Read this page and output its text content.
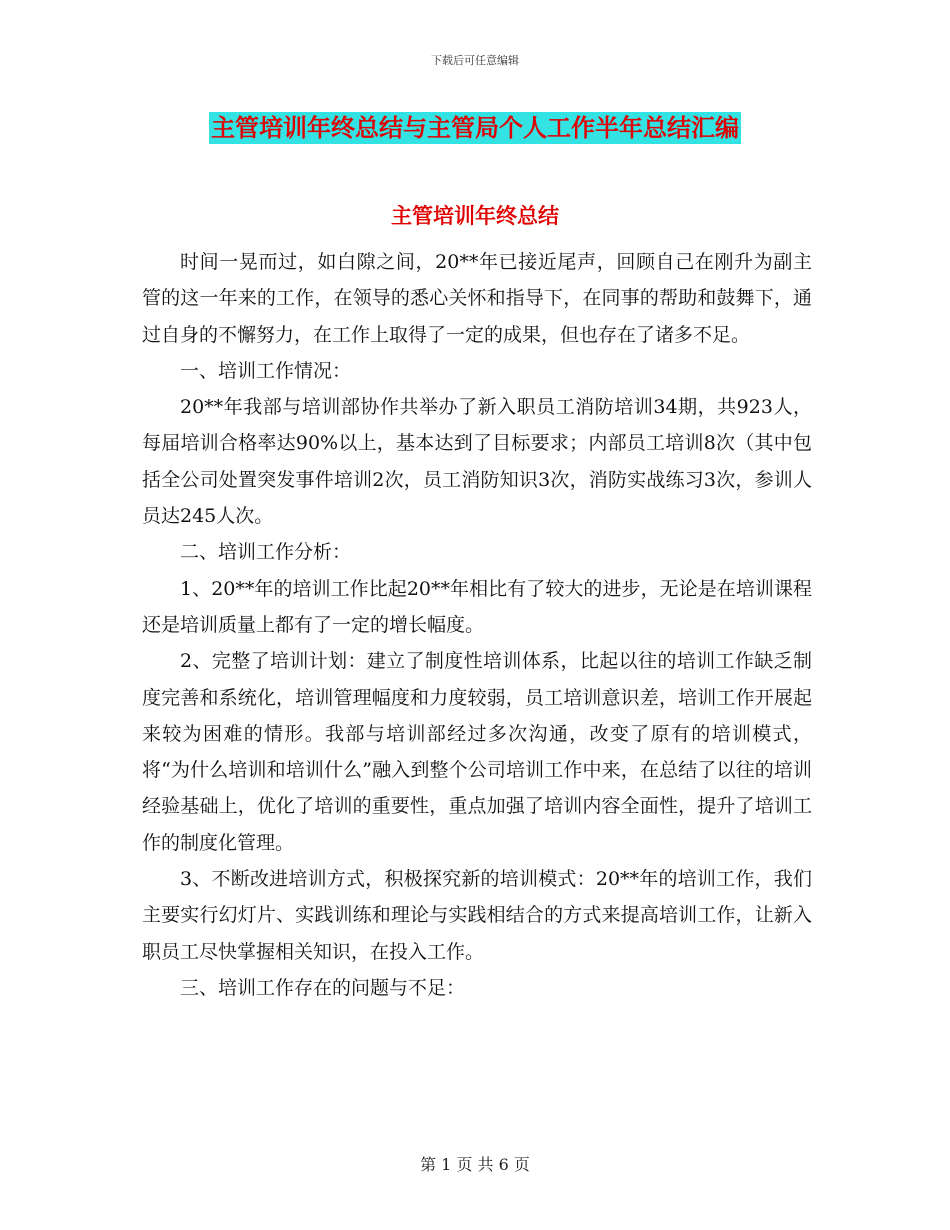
下载后可任意编辑
主管培训年终总结与主管局个人工作半年总结汇编
主管培训年终总结

时间一晃而过，如白隙之间，20**年已接近尾声，回顾自己在刚升为副主管的这一年来的工作，在领导的悉心关怀和指导下，在同事的帮助和鼓舞下，通过自身的不懈努力，在工作上取得了一定的成果，但也存在了诸多不足。

一、培训工作情况：

20**年我部与培训部协作共举办了新入职员工消防培训34期，共923人，每届培训合格率达90%以上，基本达到了目标要求；内部员工培训8次（其中包括全公司处置突发事件培训2次，员工消防知识3次，消防实战练习3次，参训人员达245人次。

二、培训工作分析：

1、20**年的培训工作比起20**年相比有了较大的进步，无论是在培训课程还是培训质量上都有了一定的增长幅度。

2、完整了培训计划：建立了制度性培训体系，比起以往的培训工作缺乏制度完善和系统化，培训管理幅度和力度较弱，员工培训意识差，培训工作开展起来较为困难的情形。我部与培训部经过多次沟通，改变了原有的培训模式，将“为什么培训和培训什么”融入到整个公司培训工作中来，在总结了以往的培训经验基础上，优化了培训的重要性，重点加强了培训内容全面性，提升了培训工作的制度化管理。

3、不断改进培训方式，积极探究新的培训模式：20**年的培训工作，我们主要实行幻灯片、实践训练和理论与实践相结合的方式来提高培训工作，让新入职员工尽快掌握相关知识，在投入工作。

三、培训工作存在的问题与不足：

第 1 页 共 6 页
